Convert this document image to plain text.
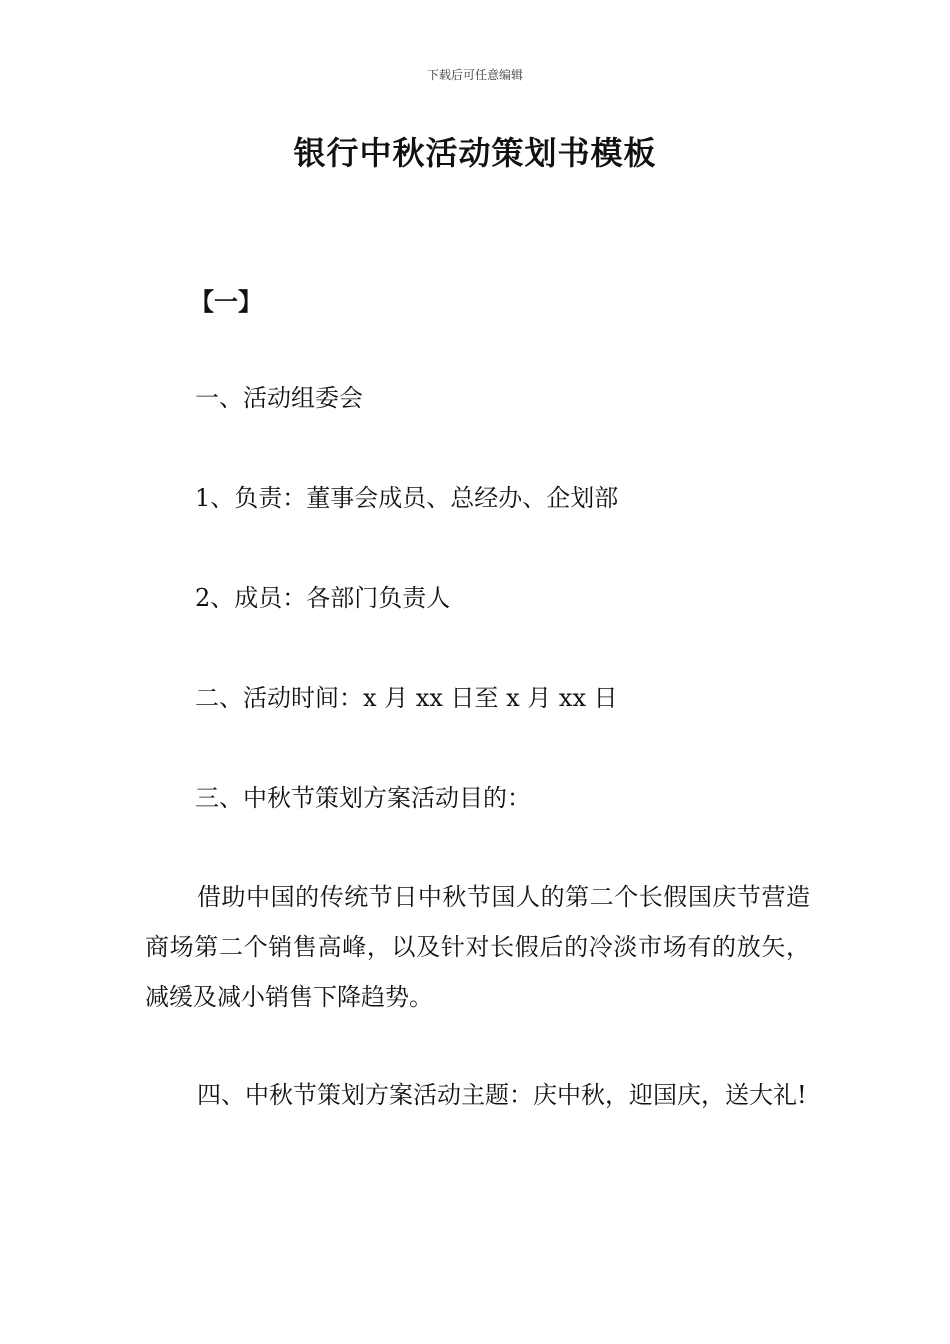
下载后可任意编辑
银行中秋活动策划书模板
【一】
一、活动组委会
1、负责：董事会成员、总经办、企划部
2、成员：各部门负责人
二、活动时间：x 月 xx 日至 x 月 xx 日
三、中秋节策划方案活动目的：
借助中国的传统节日中秋节国人的第二个长假国庆节营造商场第二个销售高峰，以及针对长假后的冷淡市场有的放矢，减缓及减小销售下降趋势。
四、中秋节策划方案活动主题：庆中秋，迎国庆，送大礼!
